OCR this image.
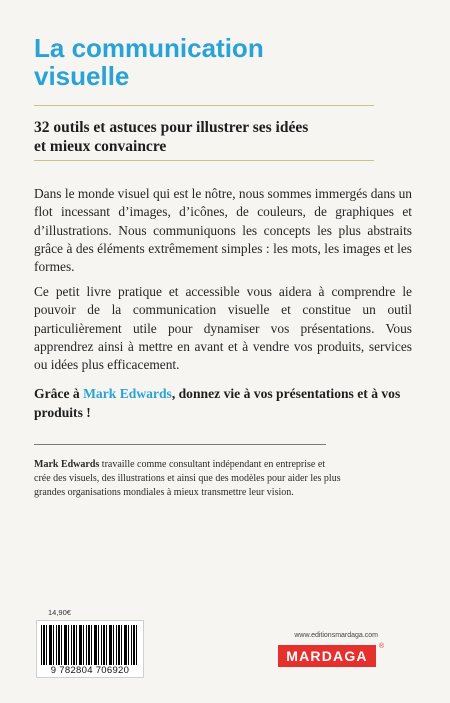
La communication
visuelle

32 outils et astuces pour illustrer ses idées
et mieux convaincre

Dans le monde visuel qui est le nôtre, nous sommes immergés dans un flot incessant d’images, d’icônes, de couleurs, de graphiques et d’illustrations. Nous communiquons les concepts les plus abstraits grâce à des éléments extrêmement simples : les mots, les images et les formes.

Ce petit livre pratique et accessible vous aidera à comprendre le pouvoir de la communication visuelle et constitue un outil particulièrement utile pour dynamiser vos présentations. Vous apprendrez ainsi à mettre en avant et à vendre vos produits, services ou idées plus efficacement.

Grâce à Mark Edwards, donnez vie à vos présentations et à vos produits !

Mark Edwards travaille comme consultant indépendant en entreprise et crée des visuels, des illustrations et ainsi que des modèles pour aider les plus grandes organisations mondiales à mieux transmettre leur vision.

14,90€
9 782804 706920
www.editionsmardaga.com
MARDAGA
®
